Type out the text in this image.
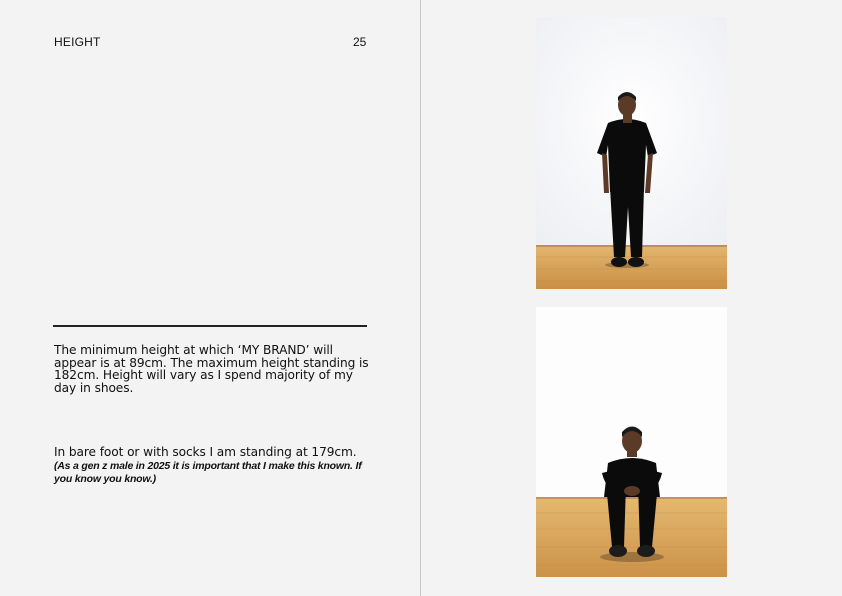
HEIGHT	25
The minimum height at which ‘MY BRAND’ will appear is at 89cm. The maximum height standing is 182cm. Height will vary as I spend majority of my day in shoes.
In bare foot or with socks I am standing at 179cm. (As a gen z male in 2025 it is important that I make this known. If you know you know.)
